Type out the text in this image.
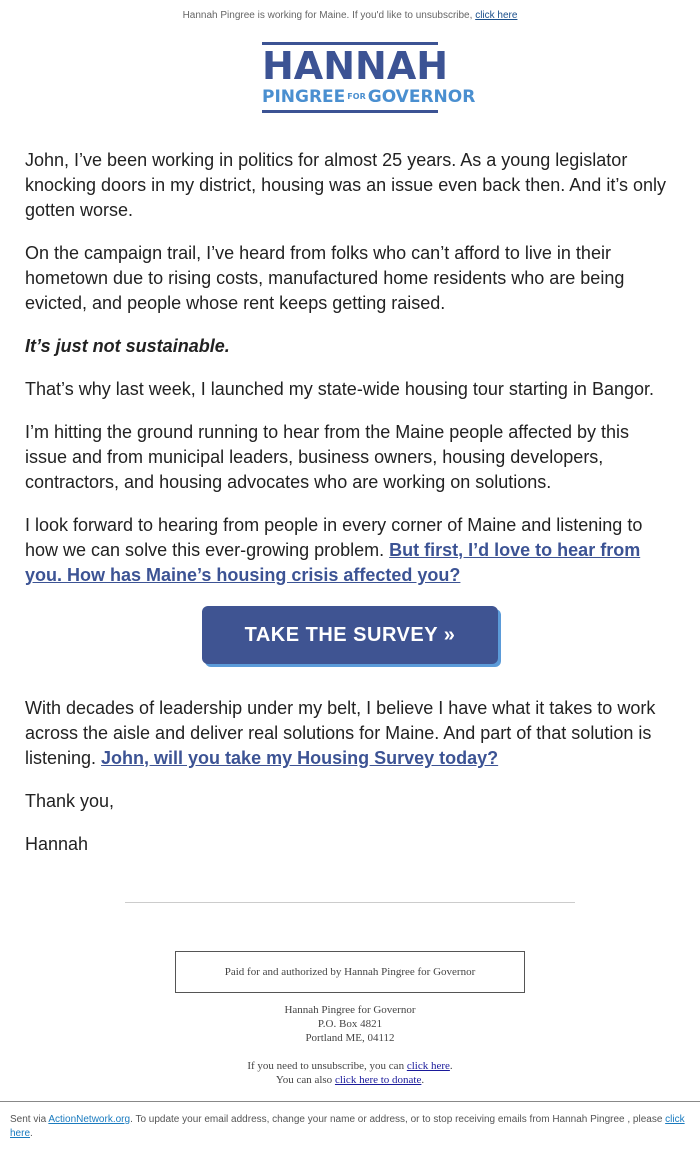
Hannah Pingree is working for Maine. If you'd like to unsubscribe, click here
HANNAH
PINGREE FOR GOVERNOR

John, I’ve been working in politics for almost 25 years. As a young legislator knocking doors in my district, housing was an issue even back then. And it’s only gotten worse.

On the campaign trail, I’ve heard from folks who can’t afford to live in their hometown due to rising costs, manufactured home residents who are being evicted, and people whose rent keeps getting raised.

It’s just not sustainable.

That’s why last week, I launched my state-wide housing tour starting in Bangor.

I’m hitting the ground running to hear from the Maine people affected by this issue and from municipal leaders, business owners, housing developers, contractors, and housing advocates who are working on solutions.

I look forward to hearing from people in every corner of Maine and listening to how we can solve this ever-growing problem. But first, I’d love to hear from you. How has Maine’s housing crisis affected you?

TAKE THE SURVEY »

With decades of leadership under my belt, I believe I have what it takes to work across the aisle and deliver real solutions for Maine. And part of that solution is listening. John, will you take my Housing Survey today?

Thank you,

Hannah

Paid for and authorized by Hannah Pingree for Governor
Hannah Pingree for Governor
P.O. Box 4821
Portland ME, 04112
If you need to unsubscribe, you can click here.
You can also click here to donate.
Sent via ActionNetwork.org. To update your email address, change your name or address, or to stop receiving emails from Hannah Pingree , please click here.
